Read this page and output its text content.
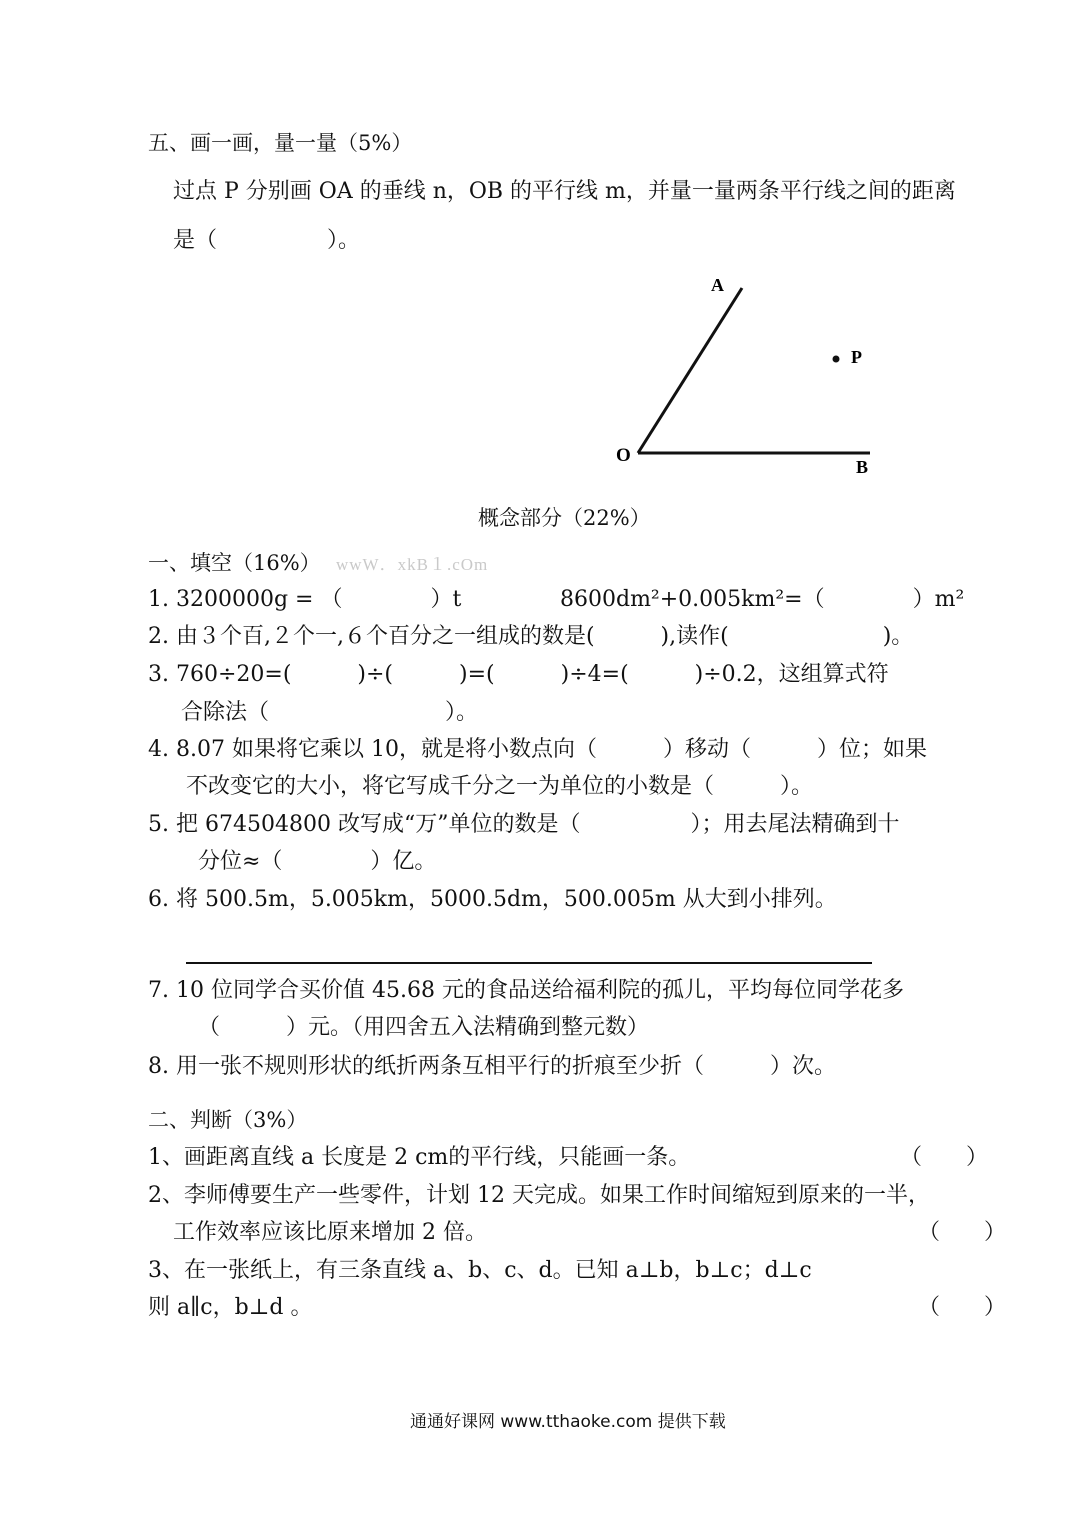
五、画一画，量一量（5%）
过点 P 分别画 OA 的垂线 n，OB 的平行线 m，并量一量两条平行线之间的距离
是（　　　　　）。
A
P
O
B
概念部分（22%）
一、填空（16%） wwW．xkB１.cOm
1. 3200000g = （　　　　）t	8600dm²+0.005km²=（　　　　）m²
2. 由３个百,２个一,６个百分之一组成的数是(　　　),读作(　　　　　　　)。
3. 760÷20=(　　　)÷(　　　)=(　　　)÷4=(　　　)÷0.2，这组算式符
合除法（　　　　　　　　）。
4. 8.07 如果将它乘以 10，就是将小数点向（　　　）移动（　　　）位；如果
不改变它的大小，将它写成千分之一为单位的小数是（　　　）。
5. 把 674504800 改写成“万”单位的数是（　　　　　）；用去尾法精确到十
分位≈（　　　　）亿。
6. 将 500.5m，5.005km，5000.5dm，500.005m 从大到小排列。
7. 10 位同学合买价值 45.68 元的食品送给福利院的孤儿，平均每位同学花多
（　　　）元。（用四舍五入法精确到整元数）
8. 用一张不规则形状的纸折两条互相平行的折痕至少折（　　　）次。
二、判断（3%）
1、画距离直线 a 长度是 2 cm的平行线，只能画一条。	（　　）
2、李师傅要生产一些零件，计划 12 天完成。如果工作时间缩短到原来的一半，
工作效率应该比原来增加 2 倍。	（　　）
3、在一张纸上，有三条直线 a、b、c、d。已知 a⊥b，b⊥c；d⊥c
则 a∥c，b⊥d 。	（　　）
通通好课网 www.tthaoke.com 提供下载
